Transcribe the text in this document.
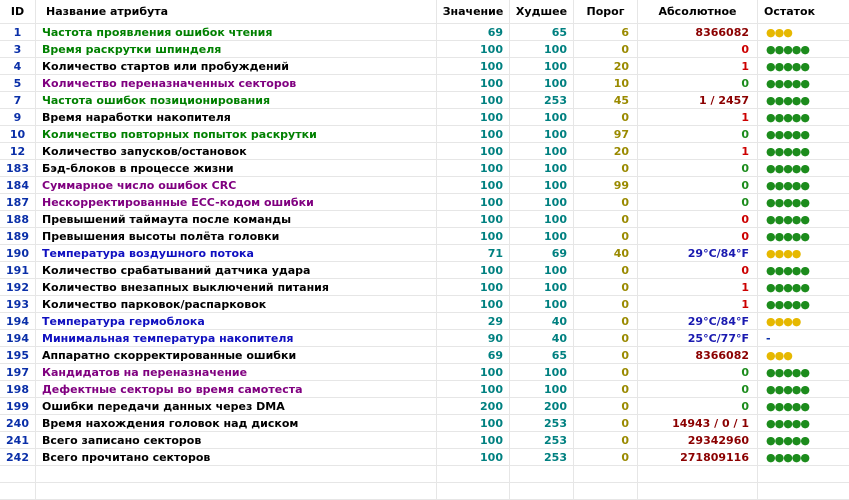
ID	Название атрибута	Значение	Худшее	Порог	Абсолютное	Остаток
1	Частота проявления ошибок чтения	69	65	6	8366082	●●●
3	Время раскрутки шпинделя	100	100	0	0	●●●●●
4	Количество стартов или пробуждений	100	100	20	1	●●●●●
5	Количество переназначенных секторов	100	100	10	0	●●●●●
7	Частота ошибок позиционирования	100	253	45	1 / 2457	●●●●●
9	Время наработки накопителя	100	100	0	1	●●●●●
10	Количество повторных попыток раскрутки	100	100	97	0	●●●●●
12	Количество запусков/остановок	100	100	20	1	●●●●●
183	Бэд-блоков в процессе жизни	100	100	0	0	●●●●●
184	Суммарное число ошибок CRC	100	100	99	0	●●●●●
187	Нескорректированные ECC-кодом ошибки	100	100	0	0	●●●●●
188	Превышений таймаута после команды	100	100	0	0	●●●●●
189	Превышения высоты полёта головки	100	100	0	0	●●●●●
190	Температура воздушного потока	71	69	40	29°C/84°F	●●●●
191	Количество срабатываний датчика удара	100	100	0	0	●●●●●
192	Количество внезапных выключений питания	100	100	0	1	●●●●●
193	Количество парковок/распарковок	100	100	0	1	●●●●●
194	Температура гермоблока	29	40	0	29°C/84°F	●●●●
194	Минимальная температура накопителя	90	40	0	25°C/77°F	-
195	Аппаратно скорректированные ошибки	69	65	0	8366082	●●●
197	Кандидатов на переназначение	100	100	0	0	●●●●●
198	Дефектные секторы во время самотеста	100	100	0	0	●●●●●
199	Ошибки передачи данных через DMA	200	200	0	0	●●●●●
240	Время нахождения головок над диском	100	253	0	14943 / 0 / 1	●●●●●
241	Всего записано секторов	100	253	0	29342960	●●●●●
242	Всего прочитано секторов	100	253	0	271809116	●●●●●
